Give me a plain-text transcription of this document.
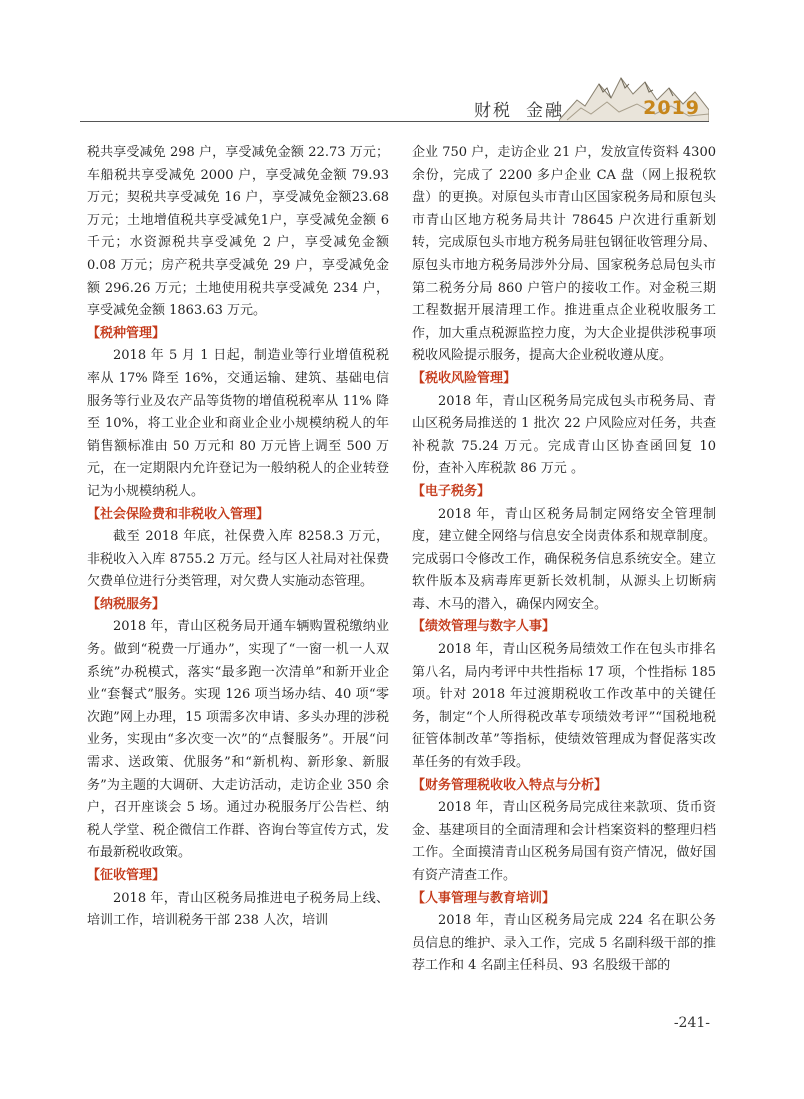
财税 金融	2019

税共享受减免 298 户，享受减免金额 22.73 万元；车船税共享受减免 2000 户，享受减免金额 79.93 万元；契税共享受减免 16 户，享受减免金额23.68万元；土地增值税共享受减免1户，享受减免金额 6 千元；水资源税共享受减免 2 户，享受减免金额 0.08 万元；房产税共享受减免 29 户，享受减免金额 296.26 万元；土地使用税共享受减免 234 户，享受减免金额 1863.63 万元。

【税种管理】

2018 年 5 月 1 日起，制造业等行业增值税税率从 17% 降至 16%，交通运输、建筑、基础电信服务等行业及农产品等货物的增值税税率从 11% 降至 10%，将工业企业和商业企业小规模纳税人的年销售额标准由 50 万元和 80 万元皆上调至 500 万元，在一定期限内允许登记为一般纳税人的企业转登记为小规模纳税人。

【社会保险费和非税收入管理】

截至 2018 年底，社保费入库 8258.3 万元，非税收入入库 8755.2 万元。经与区人社局对社保费欠费单位进行分类管理，对欠费人实施动态管理。

【纳税服务】

2018 年，青山区税务局开通车辆购置税缴纳业务。做到“税费一厅通办”，实现了“一窗一机一人双系统”办税模式，落实“最多跑一次清单”和新开业企业“套餐式”服务。实现 126 项当场办结、40 项“零次跑”网上办理，15 项需多次申请、多头办理的涉税业务，实现由“多次变一次”的“点餐服务”。开展“问需求、送政策、优服务”和“新机构、新形象、新服务”为主题的大调研、大走访活动，走访企业 350 余户，召开座谈会 5 场。通过办税服务厅公告栏、纳税人学堂、税企微信工作群、咨询台等宣传方式，发布最新税收政策。

【征收管理】

2018 年，青山区税务局推进电子税务局上线、培训工作，培训税务干部 238 人次，培训

企业 750 户，走访企业 21 户，发放宣传资料 4300 余份，完成了 2200 多户企业 CA 盘（网上报税软盘）的更换。对原包头市青山区国家税务局和原包头市青山区地方税务局共计 78645 户次进行重新划转，完成原包头市地方税务局驻包钢征收管理分局、原包头市地方税务局涉外分局、国家税务总局包头市第二税务分局 860 户管户的接收工作。对金税三期工程数据开展清理工作。推进重点企业税收服务工作，加大重点税源监控力度，为大企业提供涉税事项税收风险提示服务，提高大企业税收遵从度。

【税收风险管理】

2018 年，青山区税务局完成包头市税务局、青山区税务局推送的 1 批次 22 户风险应对任务，共查补税款 75.24 万元。完成青山区协查函回复 10 份，查补入库税款 86 万元 。

【电子税务】

2018 年，青山区税务局制定网络安全管理制度，建立健全网络与信息安全岗责体系和规章制度。完成弱口令修改工作，确保税务信息系统安全。建立软件版本及病毒库更新长效机制，从源头上切断病毒、木马的潜入，确保内网安全。

【绩效管理与数字人事】

2018 年，青山区税务局绩效工作在包头市排名第八名，局内考评中共性指标 17 项，个性指标 185 项。针对 2018 年过渡期税收工作改革中的关键任务，制定“个人所得税改革专项绩效考评”“国税地税征管体制改革”等指标，使绩效管理成为督促落实改革任务的有效手段。

【财务管理税收收入特点与分析】

2018 年，青山区税务局完成往来款项、货币资金、基建项目的全面清理和会计档案资料的整理归档工作。全面摸清青山区税务局国有资产情况，做好国有资产清查工作。

【人事管理与教育培训】

2018 年，青山区税务局完成 224 名在职公务员信息的维护、录入工作，完成 5 名副科级干部的推荐工作和 4 名副主任科员、93 名股级干部的

-241-
